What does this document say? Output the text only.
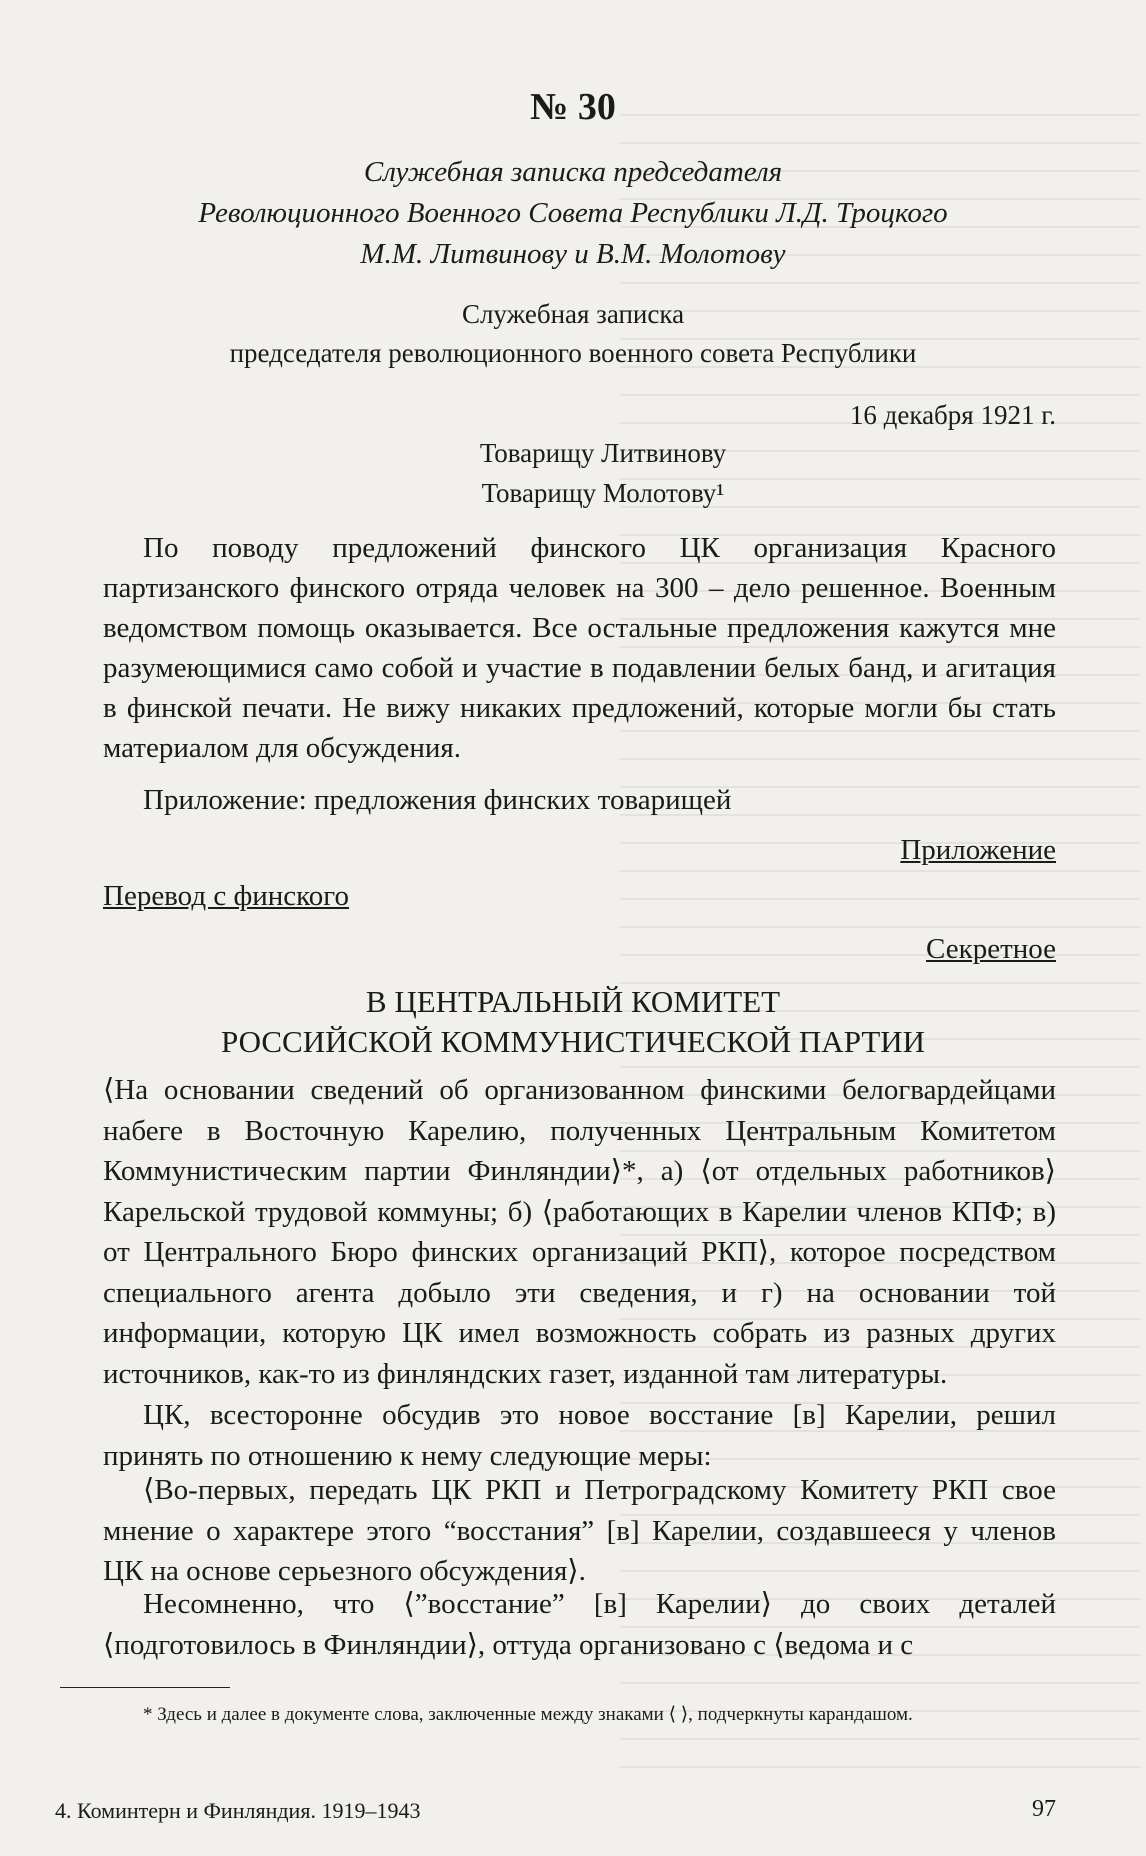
№ 30
Служебная записка председателя
Революционного Военного Совета Республики Л.Д. Троцкого
М.М. Литвинову и В.М. Молотову
Служебная записка
председателя революционного военного совета Республики
16 декабря 1921 г.
Товарищу Литвинову
Товарищу Молотову¹
По поводу предложений финского ЦК организация Красного партизанского финского отряда человек на 300 – дело решенное. Военным ведомством помощь оказывается. Все остальные предложения кажутся мне разумеющимися само собой и участие в подавлении белых банд, и агитация в финской печати. Не вижу никаких предложений, которые могли бы стать материалом для обсуждения.
Приложение: предложения финских товарищей
Приложение
Перевод с финского
Секретное
В ЦЕНТРАЛЬНЫЙ КОМИТЕТ
РОССИЙСКОЙ КОММУНИСТИЧЕСКОЙ ПАРТИИ
⟨На основании сведений об организованном финскими белогвардейцами набеге в Восточную Карелию, полученных Центральным Комитетом Коммунистическим партии Финляндии⟩*, а) ⟨от отдельных работников⟩ Карельской трудовой коммуны; б) ⟨работающих в Карелии членов КПФ; в) от Центрального Бюро финских организаций РКП⟩, которое посредством специального агента добыло эти сведения, и г) на основании той информации, которую ЦК имел возможность собрать из разных других источников, как-то из финляндских газет, изданной там литературы.
ЦК, всесторонне обсудив это новое восстание [в] Карелии, решил принять по отношению к нему следующие меры:
⟨Во-первых, передать ЦК РКП и Петроградскому Комитету РКП свое мнение о характере этого “восстания” [в] Карелии, создавшееся у членов ЦК на основе серьезного обсуждения⟩.
Несомненно, что ⟨”восстание” [в] Карелии⟩ до своих деталей ⟨подготовилось в Финляндии⟩, оттуда организовано с ⟨ведома и с
* Здесь и далее в документе слова, заключенные между знаками ⟨ ⟩, подчеркнуты карандашом.
4. Коминтерн и Финляндия. 1919–1943	97
